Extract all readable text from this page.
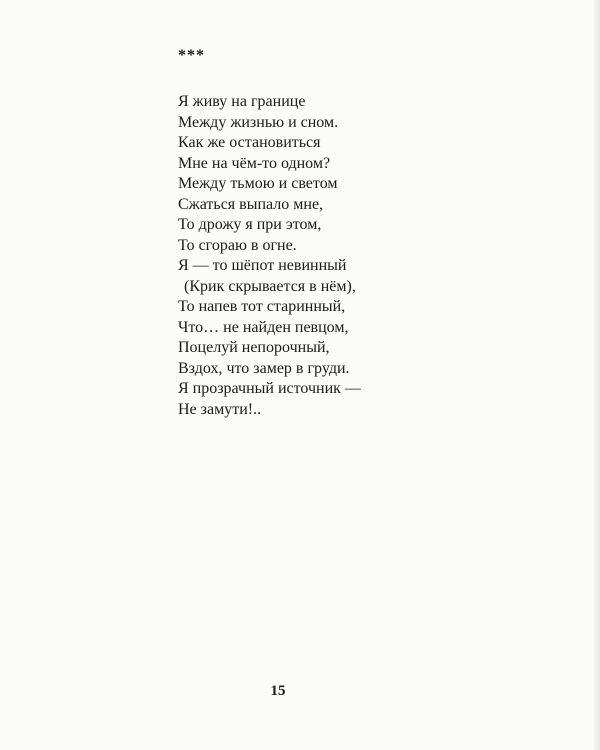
***
Я живу на границе
Между жизнью и сном.
Как же остановиться
Мне на чём-то одном?
Между тьмою и светом
Сжаться выпало мне,
То дрожу я при этом,
То сгораю в огне.
Я — то шёпот невинный
(Крик скрывается в нём),
То напев тот старинный,
Что… не найден певцом,
Поцелуй непорочный,
Вздох, что замер в груди.
Я прозрачный источник —
Не замути!..
15
